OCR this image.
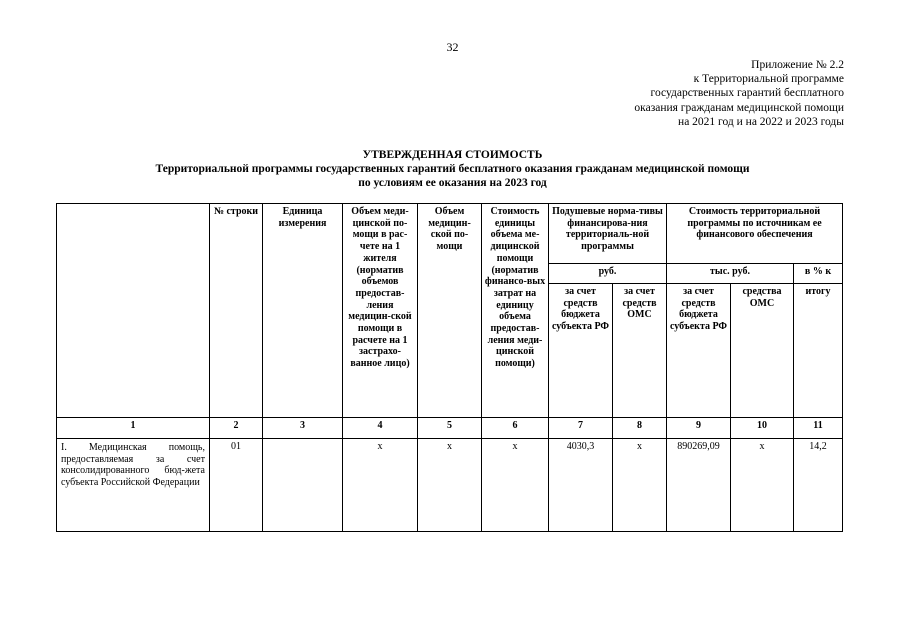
32
Приложение № 2.2
к Территориальной программе
государственных гарантий бесплатного
оказания гражданам медицинской помощи
на 2021 год и на 2022 и 2023 годы
УТВЕРЖДЕННАЯ СТОИМОСТЬ
Территориальной программы государственных гарантий бесплатного оказания гражданам медицинской помощи
по условиям ее оказания на 2023 год
	№ строки	Единица измерения	Объем меди-цинской по-мощи в рас-чете на 1 жителя (норматив объемов предостав-ления медицин-ской помощи в расчете на 1 застрахо-ванное лицо)	Объем медицин-ской по-мощи	Стоимость единицы объема ме-дицинской помощи (норматив финансо-вых затрат на единицу объема предостав-ления меди-цинской помощи)	Подушевые норма-тивы финансирова-ния территориаль-ной программы		Стоимость территориальной программы по источникам ее финансового обеспечения		
						руб.		тыс. руб.		в % к
						за счет средств бюджета субъекта РФ	за счет средств ОМС	за счет средств бюджета субъекта РФ	средства ОМС	итогу
1	2	3	4	5	6	7	8	9	10	11
I. Медицинская помощь, предоставляемая за счет консолидированного бюд-жета субъекта Российской Федерации	01		х	х	х	4030,3	х	890269,09	х	14,2
